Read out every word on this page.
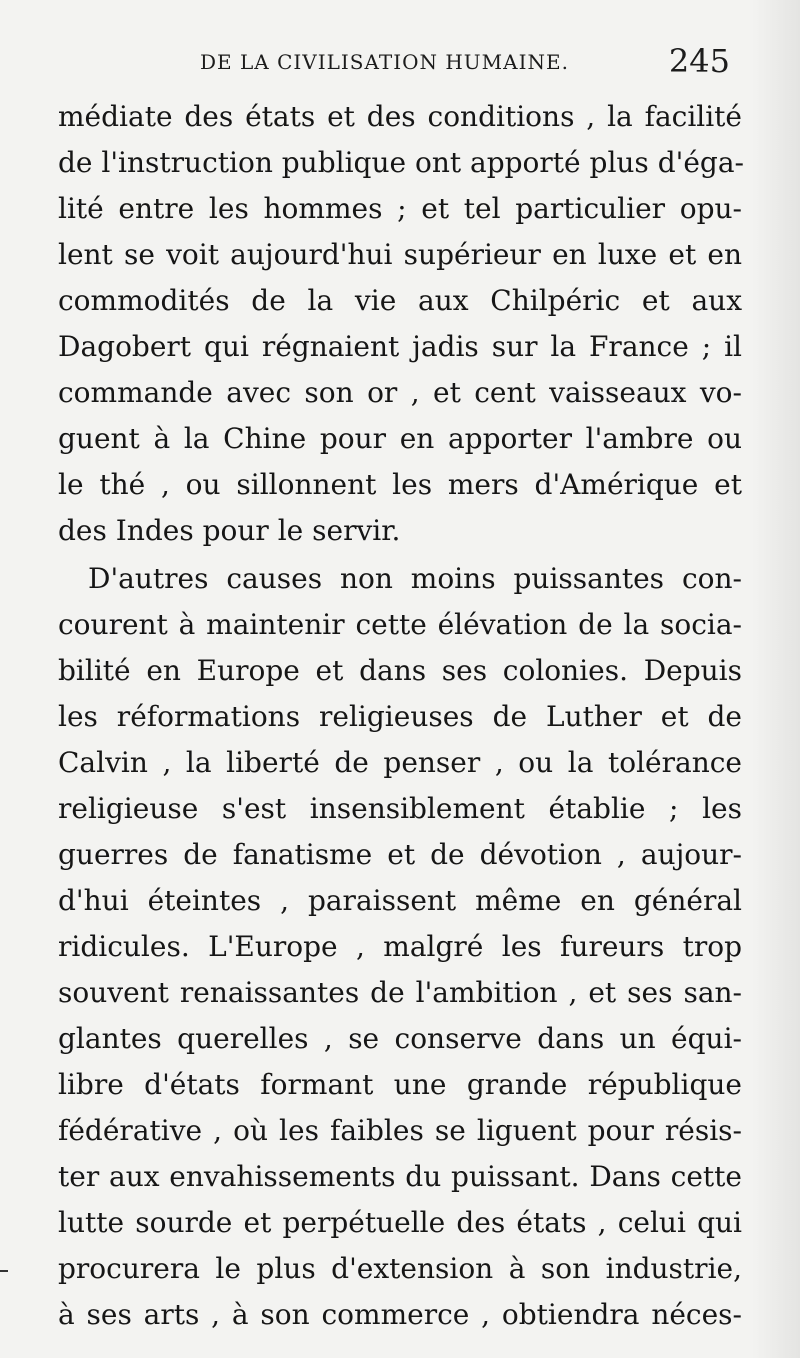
DE LA CIVILISATION HUMAINE.	245
médiate des états et des conditions , la facilité
de l'instruction publique ont apporté plus d'éga-
lité entre les hommes ; et tel particulier opu-
lent se voit aujourd'hui supérieur en luxe et en
commodités de la vie aux Chilpéric et aux
Dagobert qui régnaient jadis sur la France ; il
commande avec son or , et cent vaisseaux vo-
guent à la Chine pour en apporter l'ambre ou
le thé , ou sillonnent les mers d'Amérique et
des Indes pour le servir.
D'autres causes non moins puissantes con-
courent à maintenir cette élévation de la socia-
bilité en Europe et dans ses colonies. Depuis
les réformations religieuses de Luther et de
Calvin , la liberté de penser , ou la tolérance
religieuse s'est insensiblement établie ; les
guerres de fanatisme et de dévotion , aujour-
d'hui éteintes , paraissent même en général
ridicules. L'Europe , malgré les fureurs trop
souvent renaissantes de l'ambition , et ses san-
glantes querelles , se conserve dans un équi-
libre d'états formant une grande république
fédérative , où les faibles se liguent pour résis-
ter aux envahissements du puissant. Dans cette
lutte sourde et perpétuelle des états , celui qui
procurera le plus d'extension à son industrie,
à ses arts , à son commerce , obtiendra néces-
